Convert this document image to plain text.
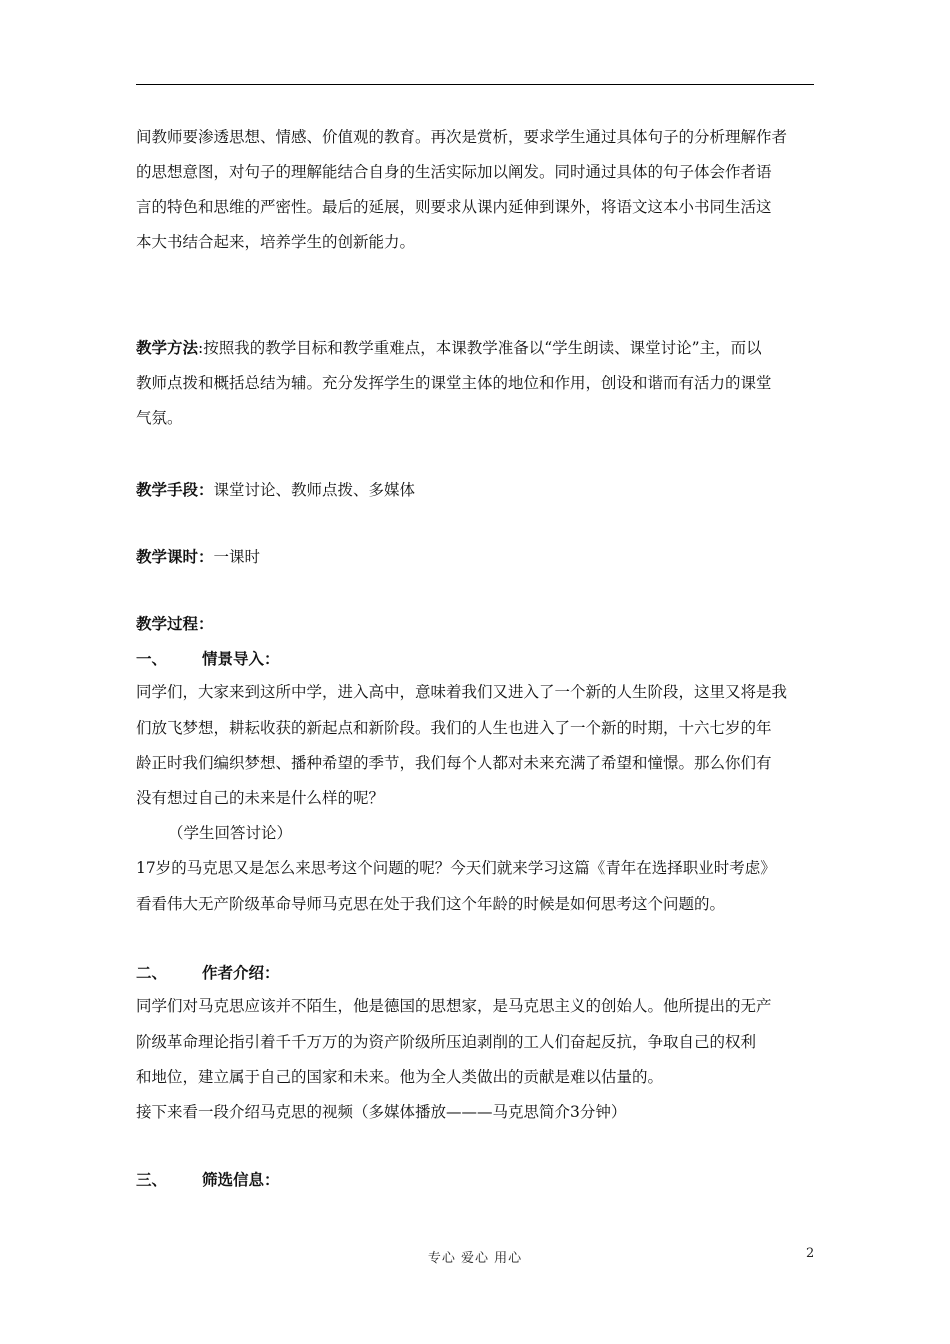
间教师要渗透思想、情感、价值观的教育。再次是赏析，要求学生通过具体句子的分析理解作者
的思想意图，对句子的理解能结合自身的生活实际加以阐发。同时通过具体的句子体会作者语
言的特色和思维的严密性。最后的延展，则要求从课内延伸到课外，将语文这本小书同生活这
本大书结合起来，培养学生的创新能力。
教学方法:按照我的教学目标和教学重难点，本课教学准备以“学生朗读、课堂讨论”主，而以
教师点拨和概括总结为辅。充分发挥学生的课堂主体的地位和作用，创设和谐而有活力的课堂
气氛。
教学手段：课堂讨论、教师点拨、多媒体
教学课时：一课时
教学过程：
一、 情景导入：
同学们，大家来到这所中学，进入高中，意味着我们又进入了一个新的人生阶段，这里又将是我
们放飞梦想，耕耘收获的新起点和新阶段。我们的人生也进入了一个新的时期，十六七岁的年
龄正时我们编织梦想、播种希望的季节，我们每个人都对未来充满了希望和憧憬。那么你们有
没有想过自己的未来是什么样的呢？
（学生回答讨论）
17岁的马克思又是怎么来思考这个问题的呢？今天们就来学习这篇《青年在选择职业时考虑》
看看伟大无产阶级革命导师马克思在处于我们这个年龄的时候是如何思考这个问题的。
二、 作者介绍：
同学们对马克思应该并不陌生，他是德国的思想家，是马克思主义的创始人。他所提出的无产
阶级革命理论指引着千千万万的为资产阶级所压迫剥削的工人们奋起反抗，争取自己的权利
和地位，建立属于自己的国家和未来。他为全人类做出的贡献是难以估量的。
接下来看一段介绍马克思的视频（多媒体播放———马克思简介3分钟）
三、 筛选信息：
专心 爱心 用心	2
